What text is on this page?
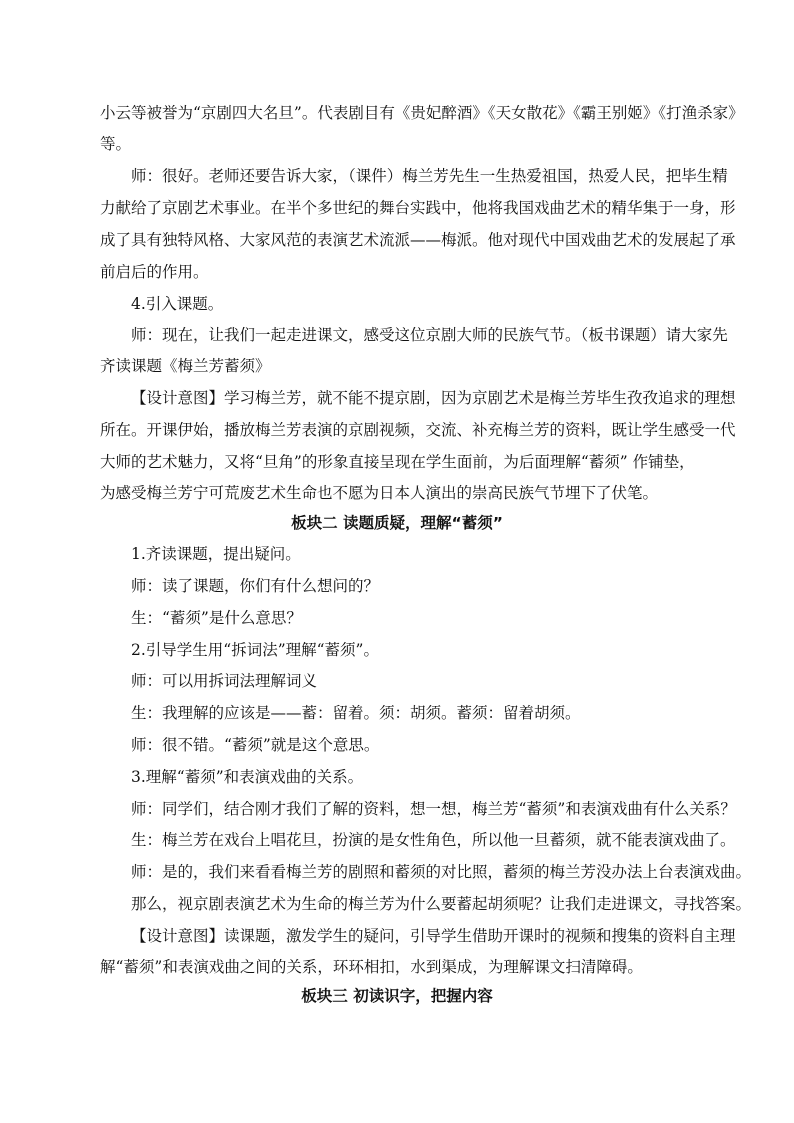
小云等被誉为“京剧四大名旦”。代表剧目有《贵妃醉酒》《天女散花》《霸王别姬》《打渔杀家》
等。
师：很好。老师还要告诉大家，（课件）梅兰芳先生一生热爱祖国，热爱人民，把毕生精
力献给了京剧艺术事业。在半个多世纪的舞台实践中，他将我国戏曲艺术的精华集于一身，形
成了具有独特风格、大家风范的表演艺术流派——梅派。他对现代中国戏曲艺术的发展起了承
前启后的作用。
4.引入课题。
师：现在，让我们一起走进课文，感受这位京剧大师的民族气节。（板书课题）请大家先
齐读课题《梅兰芳蓄须》
【设计意图】学习梅兰芳，就不能不提京剧，因为京剧艺术是梅兰芳毕生孜孜追求的理想
所在。开课伊始，播放梅兰芳表演的京剧视频，交流、补充梅兰芳的资料，既让学生感受一代
大师的艺术魅力，又将“旦角”的形象直接呈现在学生面前，为后面理解“蓄须” 作铺垫，
为感受梅兰芳宁可荒废艺术生命也不愿为日本人演出的崇高民族气节埋下了伏笔。
板块二 读题质疑，理解“蓄须”
1.齐读课题，提出疑问。
师：读了课题，你们有什么想问的？
生：“蓄须”是什么意思？
2.引导学生用“拆词法”理解“蓄须”。
师：可以用拆词法理解词义
生：我理解的应该是——蓄：留着。须：胡须。蓄须：留着胡须。
师：很不错。“蓄须”就是这个意思。
3.理解“蓄须”和表演戏曲的关系。
师：同学们，结合刚才我们了解的资料，想一想，梅兰芳“蓄须”和表演戏曲有什么关系？
生：梅兰芳在戏台上唱花旦，扮演的是女性角色，所以他一旦蓄须，就不能表演戏曲了。
师：是的，我们来看看梅兰芳的剧照和蓄须的对比照，蓄须的梅兰芳没办法上台表演戏曲。
那么，视京剧表演艺术为生命的梅兰芳为什么要蓄起胡须呢？让我们走进课文，寻找答案。
【设计意图】读课题，激发学生的疑问，引导学生借助开课时的视频和搜集的资料自主理
解“蓄须”和表演戏曲之间的关系，环环相扣，水到渠成，为理解课文扫清障碍。
板块三 初读识字，把握内容
